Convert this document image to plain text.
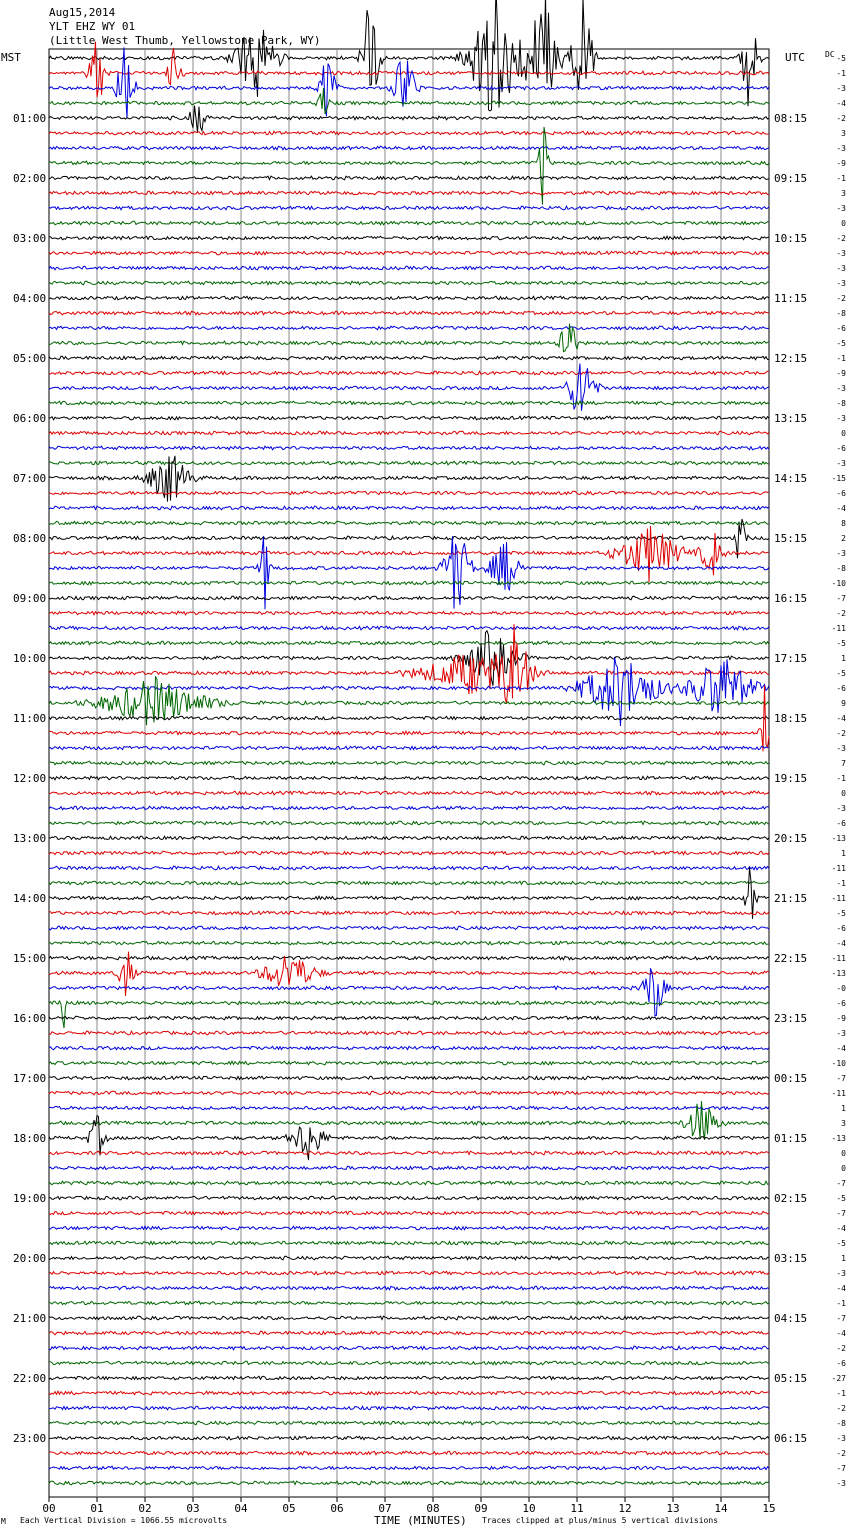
Aug15,2014
YLT EHZ WY 01
(Little West Thumb, Yellowstone Park, WY)
MST	UTC	DC
01:00
02:00
03:00
04:00
05:00
06:00
07:00
08:00
09:00
10:00
11:00
12:00
13:00
14:00
15:00
16:00
17:00
18:00
19:00
20:00
21:00
22:00
23:00
08:15
09:15
10:15
11:15
12:15
13:15
14:15
15:15
16:15
17:15
18:15
19:15
20:15
21:15
22:15
23:15
00:15
01:15
02:15
03:15
04:15
05:15
06:15
-5
-1
-3
-4
-2
3
-3
-9
-1
3
-3
0
-2
-3
-3
-3
-2
-8
-6
-5
-1
-9
-3
-8
-3
0
-6
-3
-15
-6
-4
8
2
-3
-8
-10
-7
-2
-11
-5
1
-5
-6
9
-4
-2
-3
7
-1
0
-3
-6
-13
1
-11
-1
-11
-5
-6
-4
-11
-13
-0
-6
-9
-3
-4
-10
-7
-11
1
3
-13
0
0
-7
-5
-7
-4
-5
1
-3
-4
-1
-7
-4
-2
-6
-27
-1
-2
-8
-3
-2
-7
-3
00	01	02	03	04	05	06	07	08	09	10	11	12	13	14	15
M Each Vertical Division = 1066.55 microvolts	TIME (MINUTES) Traces clipped at plus/minus 5 vertical divisions
